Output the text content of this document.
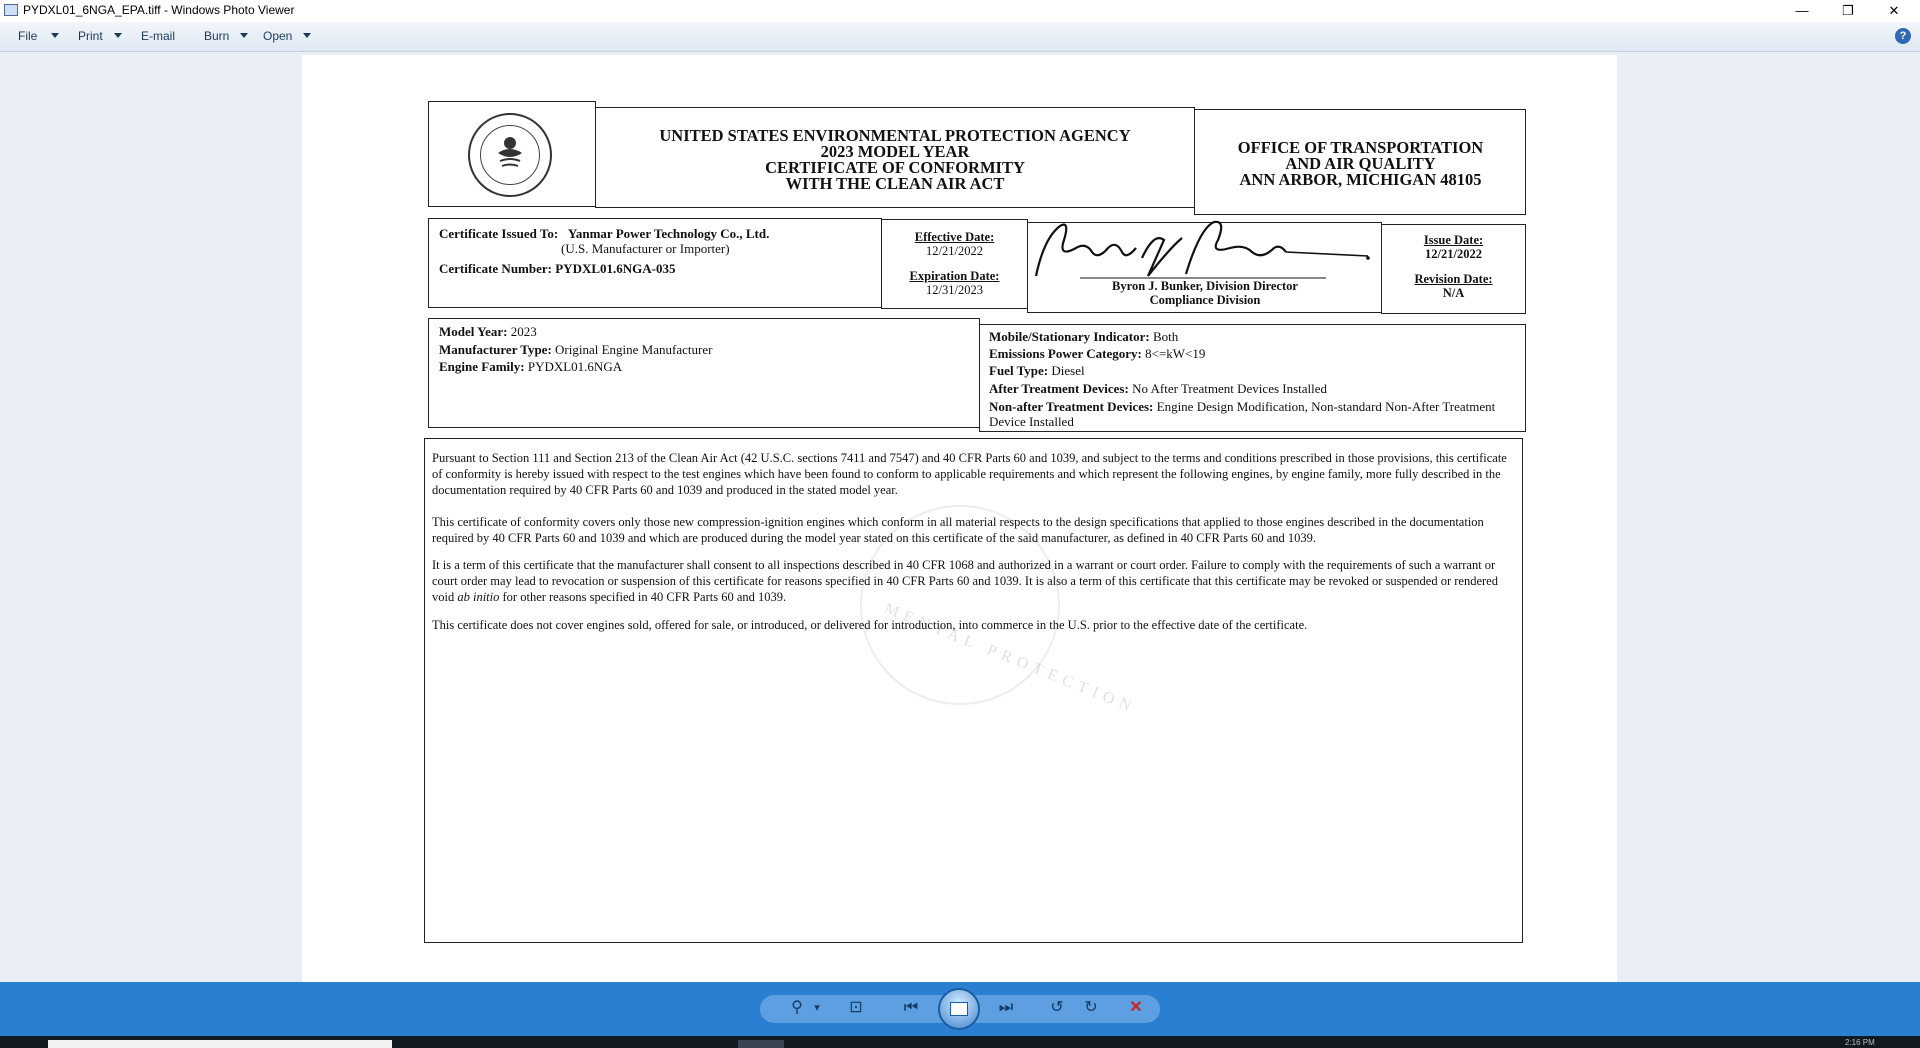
PYDXL01_6NGA_EPA.tiff - Windows Photo Viewer	—	❐	✕
File	Print	E-mail Burn	Open	?
MENTAL PROTECTION
UNITED STATES ENVIRONMENTAL PROTECTION AGENCY
2023 MODEL YEAR
CERTIFICATE OF CONFORMITY
WITH THE CLEAN AIR ACT
OFFICE OF TRANSPORTATION
AND AIR QUALITY
ANN ARBOR, MICHIGAN 48105
Certificate Issued To: Yanmar Power Technology Co., Ltd.
(U.S. Manufacturer or Importer)
Certificate Number: PYDXL01.6NGA-035
Effective Date:
12/21/2022
Expiration Date:
12/31/2023	Byron J. Bunker, Division Director
Compliance Division
Issue Date:
12/21/2022
Revision Date:
N/A
Model Year: 2023
Manufacturer Type: Original Engine Manufacturer
Engine Family: PYDXL01.6NGA
Mobile/Stationary Indicator: Both
Emissions Power Category: 8<=kW<19
Fuel Type: Diesel
After Treatment Devices: No After Treatment Devices Installed
Non-after Treatment Devices: Engine Design Modification, Non-standard Non-After Treatment Device Installed
Pursuant to Section 111 and Section 213 of the Clean Air Act (42 U.S.C. sections 7411 and 7547) and 40 CFR Parts 60 and 1039, and subject to the terms and conditions prescribed in those provisions, this certificate of conformity is hereby issued with respect to the test engines which have been found to conform to applicable requirements and which represent the following engines, by engine family, more fully described in the documentation required by 40 CFR Parts 60 and 1039 and produced in the stated model year.
This certificate of conformity covers only those new compression-ignition engines which conform in all material respects to the design specifications that applied to those engines described in the documentation required by 40 CFR Parts 60 and 1039 and which are produced during the model year stated on this certificate of the said manufacturer, as defined in 40 CFR Parts 60 and 1039.
It is a term of this certificate that the manufacturer shall consent to all inspections described in 40 CFR 1068 and authorized in a warrant or court order. Failure to comply with the requirements of such a warrant or court order may lead to revocation or suspension of this certificate for reasons specified in 40 CFR Parts 60 and 1039. It is also a term of this certificate that this certificate may be revoked or suspended or rendered void ab initio for other reasons specified in 40 CFR Parts 60 and 1039.
This certificate does not cover engines sold, offered for sale, or introduced, or delivered for introduction, into commerce in the U.S. prior to the effective date of the certificate.
⚲	▾	⊡	⏮	⏭ ↺ ↻ ✕
2:16 PM
